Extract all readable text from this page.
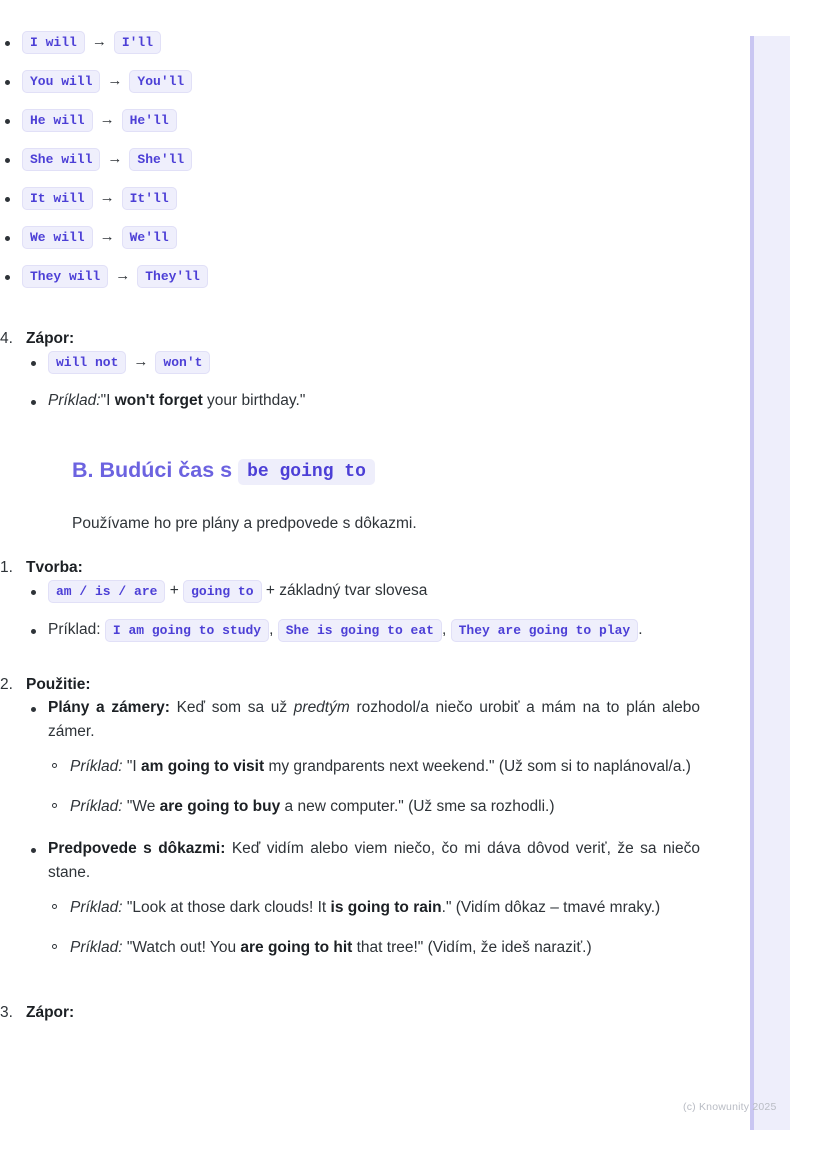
I will → I'll
You will → You'll
He will → He'll
She will → She'll
It will → It'll
We will → We'll
They will → They'll
4. Zápor:
will not → won't
Príklad:"I won't forget your birthday."
B. Budúci čas s be going to

Používame ho pre plány a predpovede s dôkazmi.

1. Tvorba:
am / is / are + going to + základný tvar slovesa
Príklad: I am going to study , She is going to eat , They are going to play .
2. Použitie:
Plány a zámery: Keď som sa už predtým rozhodol/a niečo urobiť a mám na to plán alebo zámer.
Príklad: "I am going to visit my grandparents next weekend." (Už som si to naplánoval/a.)
Príklad: "We are going to buy a new computer." (Už sme sa rozhodli.)
Predpovede s dôkazmi: Keď vidím alebo viem niečo, čo mi dáva dôvod veriť, že sa niečo stane.
Príklad: "Look at those dark clouds! It is going to rain." (Vidím dôkaz – tmavé mraky.)
Príklad: "Watch out! You are going to hit that tree!" (Vidím, že ideš naraziť.)
3. Zápor:
(c) Knowunity 2025
